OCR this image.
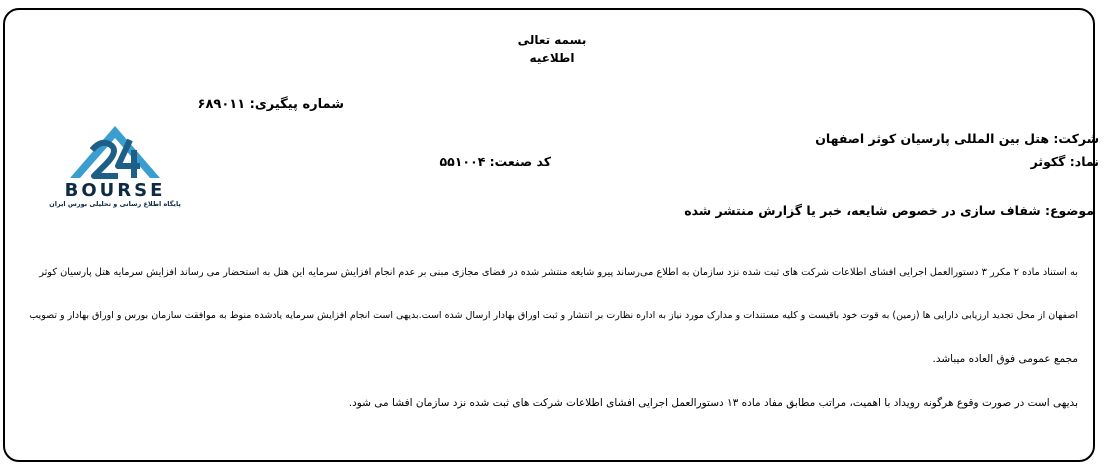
بسمه تعالی
اطلاعیه
شماره پیگیری: ۶۸۹۰۱۱
BOURSE
پایگاه اطلاع رسانی و تحلیلی بورس ایران
شرکت: هتل بین المللی پارسیان کوثر اصفهان
نماد: گکوثر
کد صنعت: ۵۵۱۰۰۴
موضوع: شفاف سازی در خصوص شایعه، خبر یا گزارش منتشر شده
به استناد ماده ۲ مکرر ۳ دستورالعمل اجرایی افشای اطلاعات شرکت های ثبت شده نزد سازمان به اطلاع می‌رساند پیرو شایعه منتشر شده در فضای مجازی مبنی بر عدم انجام افزایش سرمایه این هتل به استحضار می رساند افزایش سرمایه هتل پارسیان کوثر
اصفهان از محل تجدید ارزیابی دارایی ها (زمین) به قوت خود باقیست و کلیه مستندات و مدارک مورد نیاز به اداره نظارت بر انتشار و ثبت اوراق بهادار ارسال شده است.بدیهی است انجام افزایش سرمایه یادشده منوط به موافقت سازمان بورس و اوراق بهادار و تصویب
مجمع عمومی فوق العاده میباشد.
بدیهی است در صورت وقوع هرگونه رویداد با اهمیت، مراتب مطابق مفاد ماده ۱۳ دستورالعمل اجرایی افشای اطلاعات شرکت های ثبت شده نزد سازمان افشا می شود.
